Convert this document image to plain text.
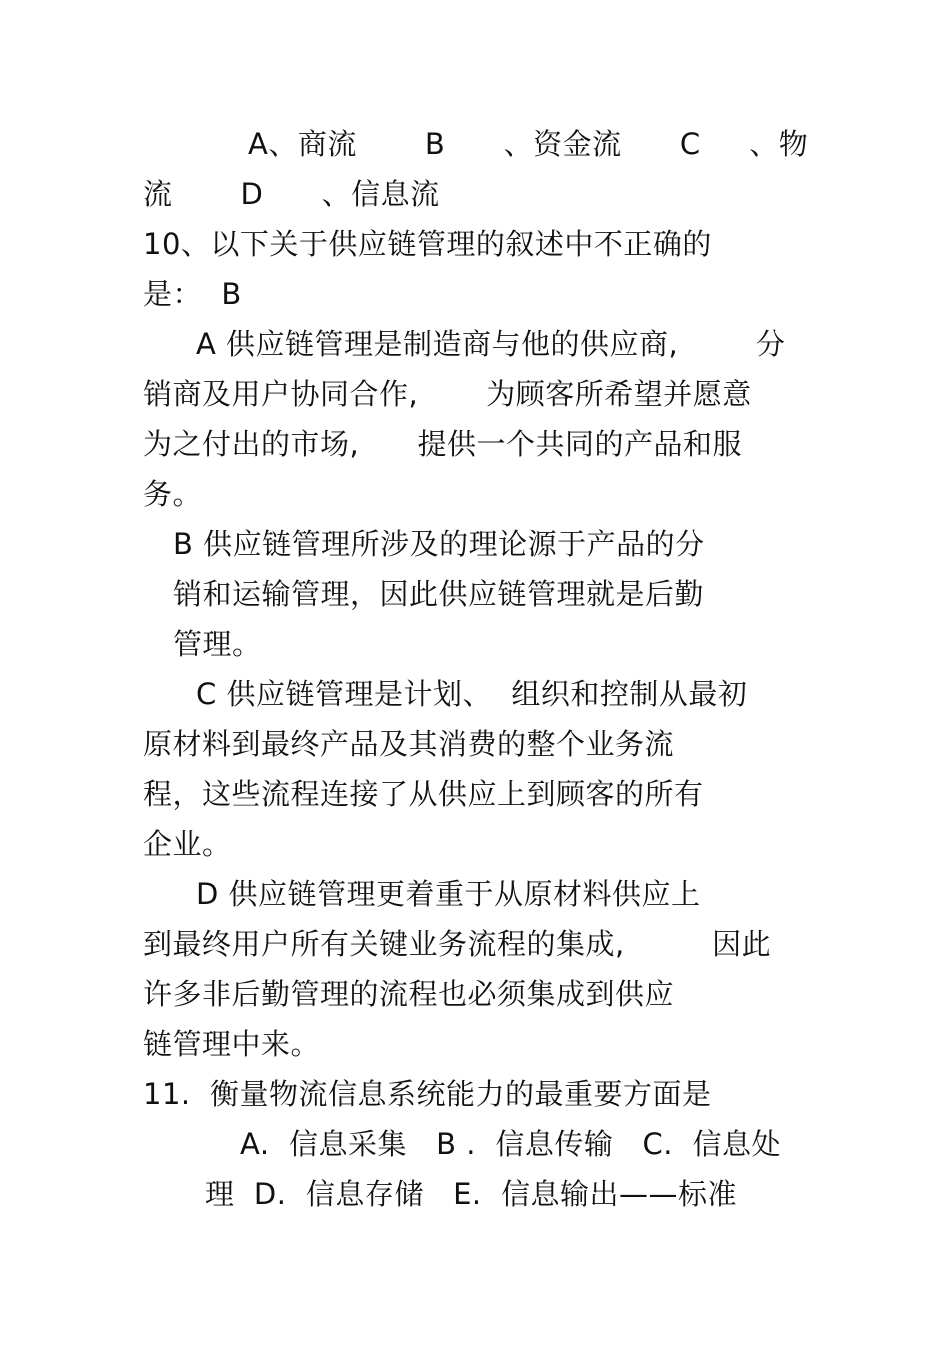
A、商流       B      、资金流      C     、物
流       D      、信息流
10、以下关于供应链管理的叙述中不正确的
是：  B
A 供应链管理是制造商与他的供应商,        分
销商及用户协同合作,       为顾客所希望并愿意
为之付出的市场,      提供一个共同的产品和服
务。
B 供应链管理所涉及的理论源于产品的分
销和运输管理，因此供应链管理就是后勤
管理。
C 供应链管理是计划、  组织和控制从最初
原材料到最终产品及其消费的整个业务流
程，这些流程连接了从供应上到顾客的所有
企业。
D 供应链管理更着重于从原材料供应上
到最终用户所有关键业务流程的集成,         因此
许多非后勤管理的流程也必须集成到供应
链管理中来。
11.  衡量物流信息系统能力的最重要方面是
A.  信息采集   B .  信息传输   C.  信息处
理  D.  信息存储   E.  信息输出——标准
